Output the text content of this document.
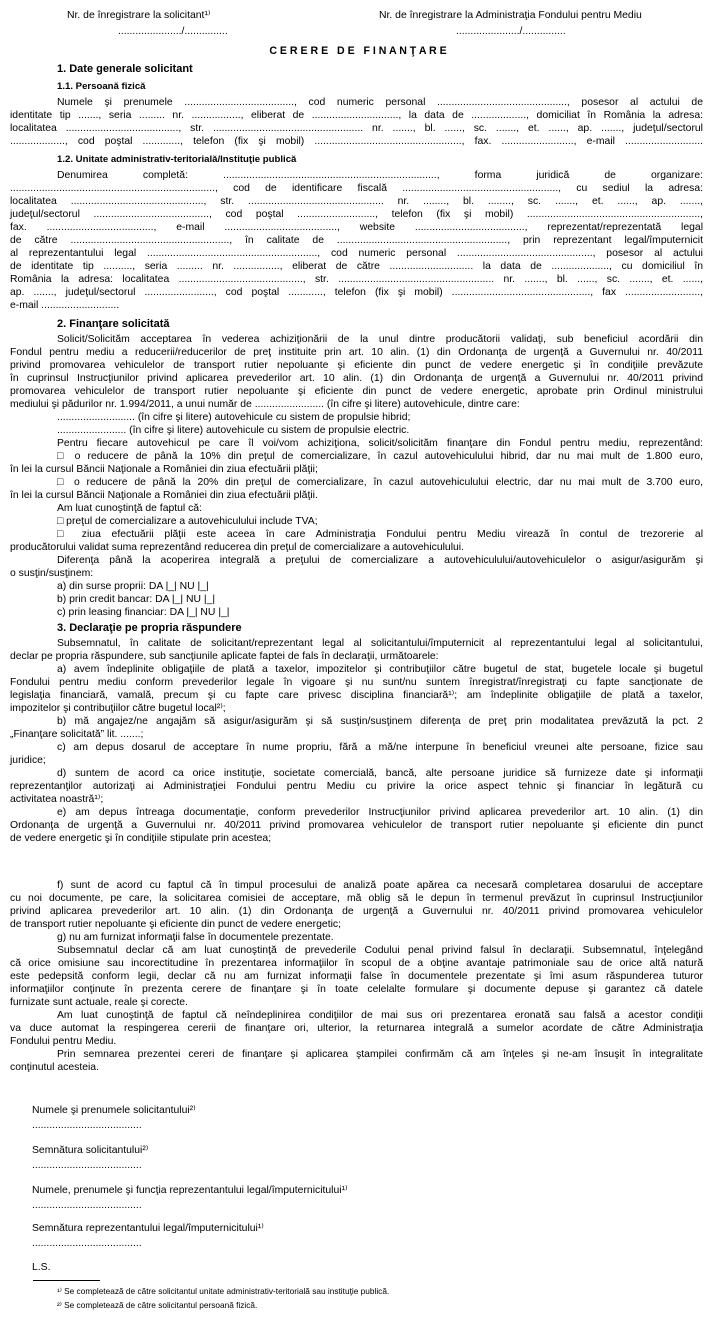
Nr. de înregistrare la solicitant¹⁾
....................../...............
Nr. de înregistrare la Administraţia Fondului pentru Mediu
....................../...............
C E R E R E   D E   F I N A N Ţ A R E
1. Date generale solicitant
1.1. Persoană fizică
Numele şi prenumele ......................................, cod numeric personal ............................................., posesor al actului de
identitate tip ......., seria ......... nr. ................., eliberat de .............................., la data de ..................., domiciliat în România la adresa:
localitatea ......................................., str. .................................................... nr. ......., bl. ......, sc. ......., et. ......, ap. ......., judeţul/sectorul
..................., cod poştal ............., telefon (fix şi mobil) ..................................................., fax. ........................., e-mail ...........................
1.2. Unitate administrativ-teritorială/Instituţie publică
Denumirea completă: .........................................................................., forma juridică de organizare:
......................................................................., cod de identificare fiscală ......................................................, cu sediul la adresa:
localitatea .............................................., str. ............................................... nr. ........, bl. ........, sc. ......., et. ......, ap. .......,
judeţul/sectorul ........................................, cod poştal ..........................., telefon (fix şi mobil) ............................................................,
fax. ....................................., e-mail ......................................., website ......................................, reprezentat/reprezentată legal
de către ......................................................., în calitate de ..........................................................., prin reprezentant legal/împuternicit
al reprezentantului legal ..........................................................., cod numeric personal ..............................................., posesor al actului
de identitate tip .........., seria ......... nr. ................, eliberat de către ............................. la data de ...................., cu domiciliul în
România la adresa: localitatea ..........................................., str. ...................................................... nr. ......., bl. ......, sc. ......., et. ......,
ap. ......., judeţul/sectorul ........................, cod poştal ............, telefon (fix şi mobil) ................................................, fax ..........................,
e-mail ...........................
2. Finanţare solicitată
Solicit/Solicităm acceptarea în vederea achiziţionării de la unul dintre producătorii validaţi, sub beneficiul acordării din
Fondul pentru mediu a reducerii/reducerilor de preţ instituite prin art. 10 alin. (1) din Ordonanţa de urgenţă a Guvernului nr. 40/2011
privind promovarea vehiculelor de transport rutier nepoluante şi eficiente din punct de vedere energetic şi în condiţiile prevăzute
în cuprinsul Instrucţiunilor privind aplicarea prevederilor art. 10 alin. (1) din Ordonanţa de urgenţă a Guvernului nr. 40/2011 privind
promovarea vehiculelor de transport rutier nepoluante şi eficiente din punct de vedere energetic, aprobate prin Ordinul ministrului
mediului şi pădurilor nr. 1.994/2011, a unui număr de ........................ (în cifre şi litere) autovehicule, dintre care:
........................... (în cifre şi litere) autovehicule cu sistem de propulsie hibrid;
........................ (în cifre şi litere) autovehicule cu sistem de propulsie electric.
Pentru fiecare autovehicul pe care îl voi/vom achiziţiona, solicit/solicităm finanţare din Fondul pentru mediu, reprezentând:
□ o reducere de până la 10% din preţul de comercializare, în cazul autovehiculului hibrid, dar nu mai mult de 1.800 euro,
în lei la cursul Băncii Naţionale a României din ziua efectuării plăţii;
□ o reducere de până la 20% din preţul de comercializare, în cazul autovehiculului electric, dar nu mai mult de 3.700 euro,
în lei la cursul Băncii Naţionale a României din ziua efectuării plăţii.
Am luat cunoştinţă de faptul că:
□ preţul de comercializare a autovehiculului include TVA;
□ ziua efectuării plăţii este aceea în care Administraţia Fondului pentru Mediu virează în contul de trezorerie al
producătorului validat suma reprezentând reducerea din preţul de comercializare a autovehiculului.
Diferenţa până la acoperirea integrală a preţului de comercializare a autovehiculului/autovehiculelor o asigur/asigurăm şi
o susţin/susţinem:
a) din surse proprii: DA |_| NU |_|
b) prin credit bancar: DA |_| NU |_|
c) prin leasing financiar: DA |_| NU |_|
3. Declaraţie pe propria răspundere
Subsemnatul, în calitate de solicitant/reprezentant legal al solicitantului/împuternicit al reprezentantului legal al solicitantului,
declar pe propria răspundere, sub sancţiunile aplicate faptei de fals în declaraţii, următoarele:
a) avem îndeplinite obligaţiile de plată a taxelor, impozitelor şi contribuţiilor către bugetul de stat, bugetele locale şi bugetul
Fondului pentru mediu conform prevederilor legale în vigoare şi nu sunt/nu suntem înregistrat/înregistraţi cu fapte sancţionate de
legislaţia financiară, vamală, precum şi cu fapte care privesc disciplina financiară¹⁾; am îndeplinite obligaţiile de plată a taxelor,
impozitelor şi contribuţiilor către bugetul local²⁾;
b) mă angajez/ne angajăm să asigur/asigurăm şi să susţin/susţinem diferenţa de preţ prin modalitatea prevăzută la pct. 2
„Finanţare solicitată” lit. .......;
c) am depus dosarul de acceptare în nume propriu, fără a mă/ne interpune în beneficiul vreunei alte persoane, fizice sau
juridice;
d) suntem de acord ca orice instituţie, societate comercială, bancă, alte persoane juridice să furnizeze date şi informaţii
reprezentanţilor autorizaţi ai Administraţiei Fondului pentru Mediu cu privire la orice aspect tehnic şi financiar în legătură cu
activitatea noastră¹⁾;
e) am depus întreaga documentaţie, conform prevederilor Instrucţiunilor privind aplicarea prevederilor art. 10 alin. (1) din
Ordonanţa de urgenţă a Guvernului nr. 40/2011 privind promovarea vehiculelor de transport rutier nepoluante şi eficiente din punct
de vedere energetic şi în condiţiile stipulate prin acestea;
f) sunt de acord cu faptul că în timpul procesului de analiză poate apărea ca necesară completarea dosarului de acceptare
cu noi documente, pe care, la solicitarea comisiei de acceptare, mă oblig să le depun în termenul prevăzut în cuprinsul Instrucţiunilor
privind aplicarea prevederilor art. 10 alin. (1) din Ordonanţa de urgenţă a Guvernului nr. 40/2011 privind promovarea vehiculelor
de transport rutier nepoluante şi eficiente din punct de vedere energetic;
g) nu am furnizat informaţii false în documentele prezentate.
Subsemnatul declar că am luat cunoştinţă de prevederile Codului penal privind falsul în declaraţii. Subsemnatul, înţelegând
că orice omisiune sau incorectitudine în prezentarea informaţiilor în scopul de a obţine avantaje patrimoniale sau de orice altă natură
este pedepsită conform legii, declar că nu am furnizat informaţii false în documentele prezentate şi îmi asum răspunderea tuturor
informaţiilor conţinute în prezenta cerere de finanţare şi în toate celelalte formulare şi documente depuse şi garantez că datele
furnizate sunt actuale, reale şi corecte.
Am luat cunoştinţă de faptul că neîndeplinirea condiţiilor de mai sus ori prezentarea eronată sau falsă a acestor condiţii
va duce automat la respingerea cererii de finanţare ori, ulterior, la returnarea integrală a sumelor acordate de către Administraţia
Fondului pentru Mediu.
Prin semnarea prezentei cereri de finanţare şi aplicarea ştampilei confirmăm că am înţeles şi ne-am însuşit în integralitate
conţinutul acesteia.
Numele şi prenumele solicitantului²⁾
......................................
Semnătura solicitantului²⁾
......................................
Numele, prenumele şi funcţia reprezentantului legal/împuternicitului¹⁾
......................................
Semnătura reprezentantului legal/împuternicitului¹⁾
......................................
L.S.
¹⁾ Se completează de către solicitantul unitate administrativ-teritorială sau instituţie publică.
²⁾ Se completează de către solicitantul persoană fizică.
